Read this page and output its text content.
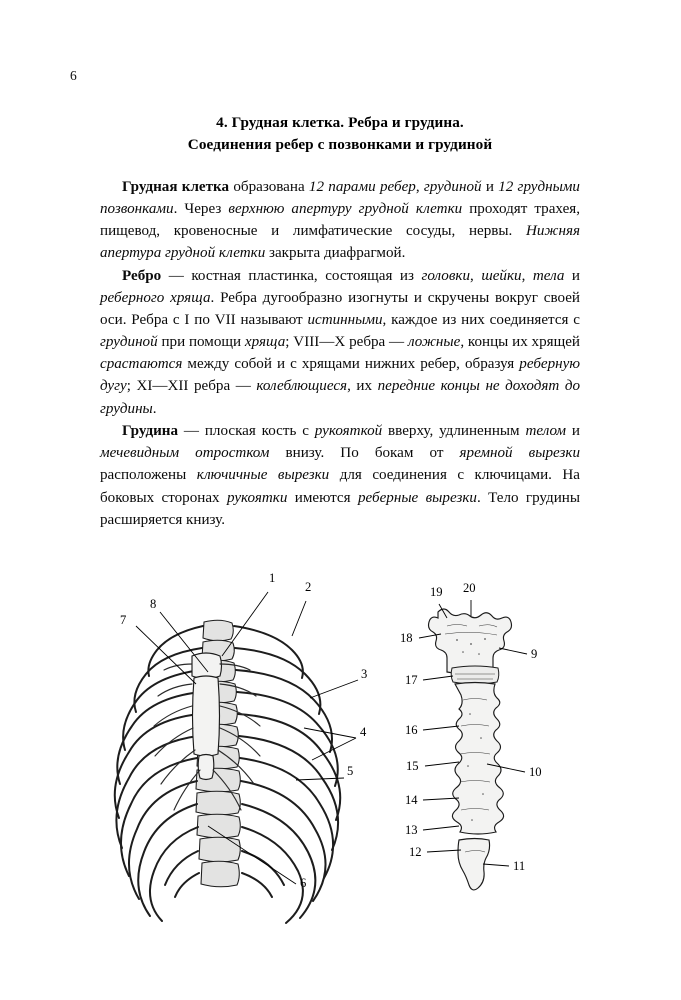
6
4. Грудная клетка. Ребра и грудина.
Соединения ребер с позвонками и грудиной

Грудная клетка образована 12 парами ребер, грудиной и 12 грудными позвонками. Через верхнюю апертуру грудной клетки проходят трахея, пищевод, кровеносные и лимфатические сосуды, нервы. Нижняя апертура грудной клетки закрыта диафрагмой.

Ребро — костная пластинка, состоящая из головки, шейки, тела и реберного хряща. Ребра дугообразно изогнуты и скручены вокруг своей оси. Ребра с I по VII называют истинными, каждое из них соединяется с грудиной при помощи хряща; VIII—X ребра — ложные, концы их хрящей срастаются между собой и с хрящами нижних ребер, образуя реберную дугу; XI—XII ребра — колеблющиеся, их передние концы не доходят до грудины.

Грудина — плоская кость с рукояткой вверху, удлиненным телом и мечевидным отростком внизу. По бокам от яремной вырезки расположены ключичные вырезки для соединения с ключицами. На боковых сторонах рукоятки имеются реберные вырезки. Тело грудины расширяется книзу.

1
2
3
4
5
6
7
8
9
10
11
12
13
14
15
16
17
18
19 20
